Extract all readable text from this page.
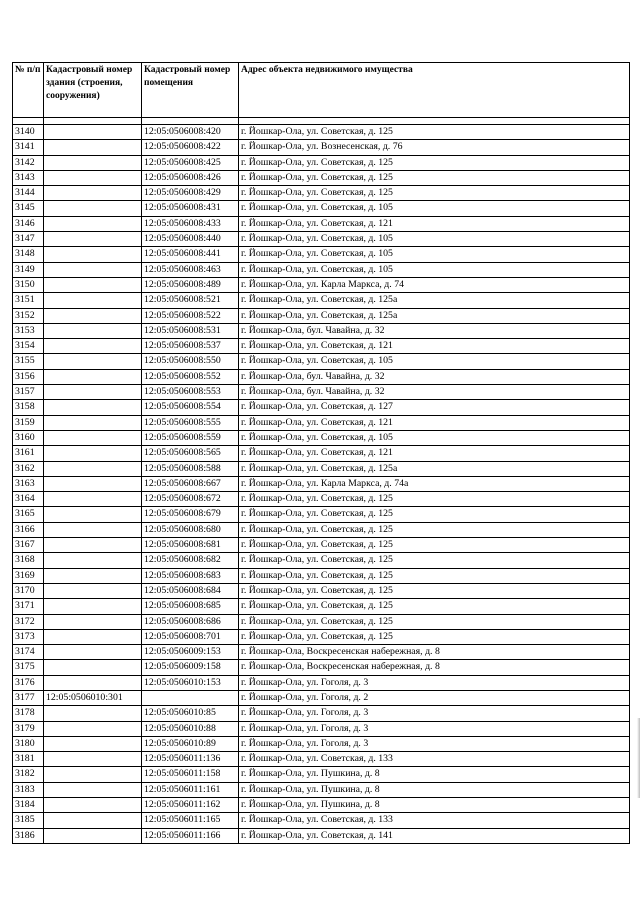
№ п/п	Кадастровый номер здания (строения, сооружения)	Кадастровый номер помещения	Адрес объекта недвижимого имущества

3140		12:05:0506008:420	г. Йошкар-Ола, ул. Советская, д. 125
3141		12:05:0506008:422	г. Йошкар-Ола, ул. Вознесенская, д. 76
3142		12:05:0506008:425	г. Йошкар-Ола, ул. Советская, д. 125
3143		12:05:0506008:426	г. Йошкар-Ола, ул. Советская, д. 125
3144		12:05:0506008:429	г. Йошкар-Ола, ул. Советская, д. 125
3145		12:05:0506008:431	г. Йошкар-Ола, ул. Советская, д. 105
3146		12:05:0506008:433	г. Йошкар-Ола, ул. Советская, д. 121
3147		12:05:0506008:440	г. Йошкар-Ола, ул. Советская, д. 105
3148		12:05:0506008:441	г. Йошкар-Ола, ул. Советская, д. 105
3149		12:05:0506008:463	г. Йошкар-Ола, ул. Советская, д. 105
3150		12:05:0506008:489	г. Йошкар-Ола, ул. Карла Маркса, д. 74
3151		12:05:0506008:521	г. Йошкар-Ола, ул. Советская, д. 125а
3152		12:05:0506008:522	г. Йошкар-Ола, ул. Советская, д. 125а
3153		12:05:0506008:531	г. Йошкар-Ола, бул. Чавайна, д. 32
3154		12:05:0506008:537	г. Йошкар-Ола, ул. Советская, д. 121
3155		12:05:0506008:550	г. Йошкар-Ола, ул. Советская, д. 105
3156		12:05:0506008:552	г. Йошкар-Ола, бул. Чавайна, д. 32
3157		12:05:0506008:553	г. Йошкар-Ола, бул. Чавайна, д. 32
3158		12:05:0506008:554	г. Йошкар-Ола, ул. Советская, д. 127
3159		12:05:0506008:555	г. Йошкар-Ола, ул. Советская, д. 121
3160		12:05:0506008:559	г. Йошкар-Ола, ул. Советская, д. 105
3161		12:05:0506008:565	г. Йошкар-Ола, ул. Советская, д. 121
3162		12:05:0506008:588	г. Йошкар-Ола, ул. Советская, д. 125а
3163		12:05:0506008:667	г. Йошкар-Ола, ул. Карла Маркса, д. 74а
3164		12:05:0506008:672	г. Йошкар-Ола, ул. Советская, д. 125
3165		12:05:0506008:679	г. Йошкар-Ола, ул. Советская, д. 125
3166		12:05:0506008:680	г. Йошкар-Ола, ул. Советская, д. 125
3167		12:05:0506008:681	г. Йошкар-Ола, ул. Советская, д. 125
3168		12:05:0506008:682	г. Йошкар-Ола, ул. Советская, д. 125
3169		12:05:0506008:683	г. Йошкар-Ола, ул. Советская, д. 125
3170		12:05:0506008:684	г. Йошкар-Ола, ул. Советская, д. 125
3171		12:05:0506008:685	г. Йошкар-Ола, ул. Советская, д. 125
3172		12:05:0506008:686	г. Йошкар-Ола, ул. Советская, д. 125
3173		12:05:0506008:701	г. Йошкар-Ола, ул. Советская, д. 125
3174		12:05:0506009:153	г. Йошкар-Ола, Воскресенская набережная, д. 8
3175		12:05:0506009:158	г. Йошкар-Ола, Воскресенская набережная, д. 8
3176		12:05:0506010:153	г. Йошкар-Ола, ул. Гоголя, д. 3
3177	12:05:0506010:301		г. Йошкар-Ола, ул. Гоголя, д. 2
3178		12:05:0506010:85	г. Йошкар-Ола, ул. Гоголя, д. 3
3179		12:05:0506010:88	г. Йошкар-Ола, ул. Гоголя, д. 3
3180		12:05:0506010:89	г. Йошкар-Ола, ул. Гоголя, д. 3
3181		12:05:0506011:136	г. Йошкар-Ола, ул. Советская, д. 133
3182		12:05:0506011:158	г. Йошкар-Ола, ул. Пушкина, д. 8
3183		12:05:0506011:161	г. Йошкар-Ола, ул. Пушкина, д. 8
3184		12:05:0506011:162	г. Йошкар-Ола, ул. Пушкина, д. 8
3185		12:05:0506011:165	г. Йошкар-Ола, ул. Советская, д. 133
3186		12:05:0506011:166	г. Йошкар-Ола, ул. Советская, д. 141
